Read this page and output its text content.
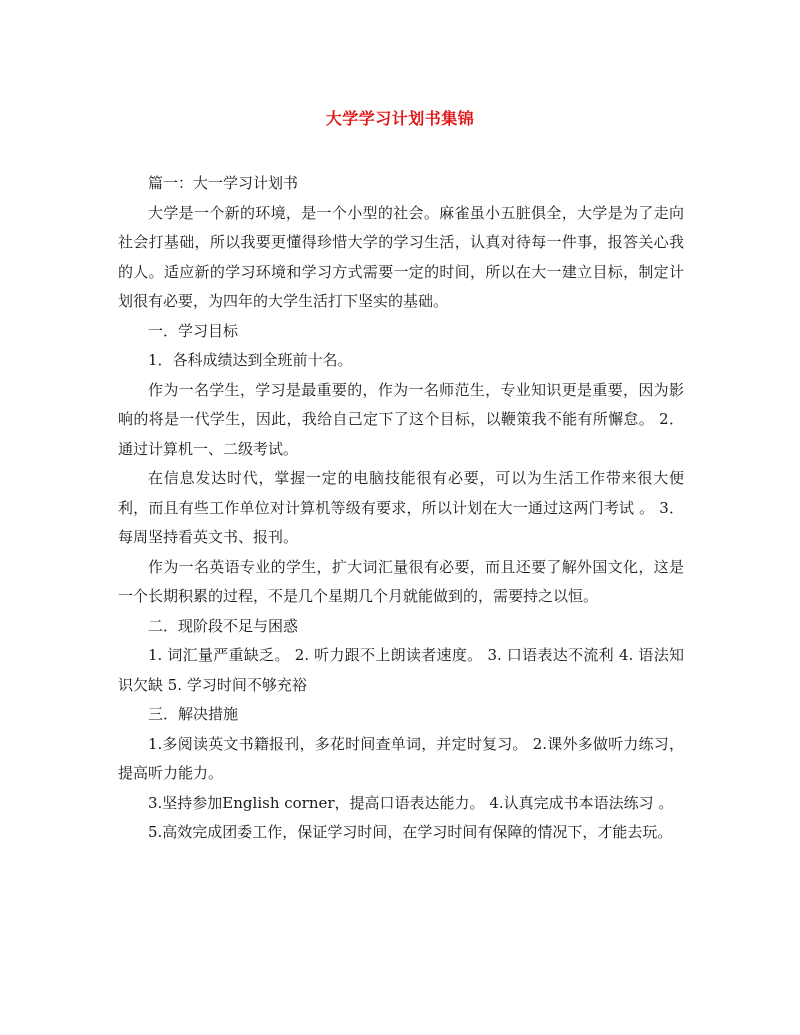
大学学习计划书集锦

篇一：大一学习计划书

大学是一个新的环境，是一个小型的社会。麻雀虽小五脏俱全，大学是为了走向社会打基础，所以我要更懂得珍惜大学的学习生活，认真对待每一件事，报答关心我的人。适应新的学习环境和学习方式需要一定的时间，所以在大一建立目标，制定计划很有必要，为四年的大学生活打下坚实的基础。

一．学习目标

1．各科成绩达到全班前十名。

作为一名学生，学习是最重要的，作为一名师范生，专业知识更是重要，因为影响的将是一代学生，因此，我给自己定下了这个目标，以鞭策我不能有所懈怠。 2．通过计算机一、二级考试。

在信息发达时代，掌握一定的电脑技能很有必要，可以为生活工作带来很大便利，而且有些工作单位对计算机等级有要求，所以计划在大一通过这两门考试 。 3．每周坚持看英文书、报刊。

作为一名英语专业的学生，扩大词汇量很有必要，而且还要了解外国文化，这是一个长期积累的过程，不是几个星期几个月就能做到的，需要持之以恒。

二．现阶段不足与困惑

1. 词汇量严重缺乏。 2. 听力跟不上朗读者速度。 3. 口语表达不流利 4. 语法知识欠缺 5. 学习时间不够充裕

三．解决措施

1.多阅读英文书籍报刊，多花时间查单词，并定时复习。 2.课外多做听力练习，提高听力能力。

3.坚持参加English corner，提高口语表达能力。 4.认真完成书本语法练习 。

5.高效完成团委工作，保证学习时间，在学习时间有保障的情况下，才能去玩。
